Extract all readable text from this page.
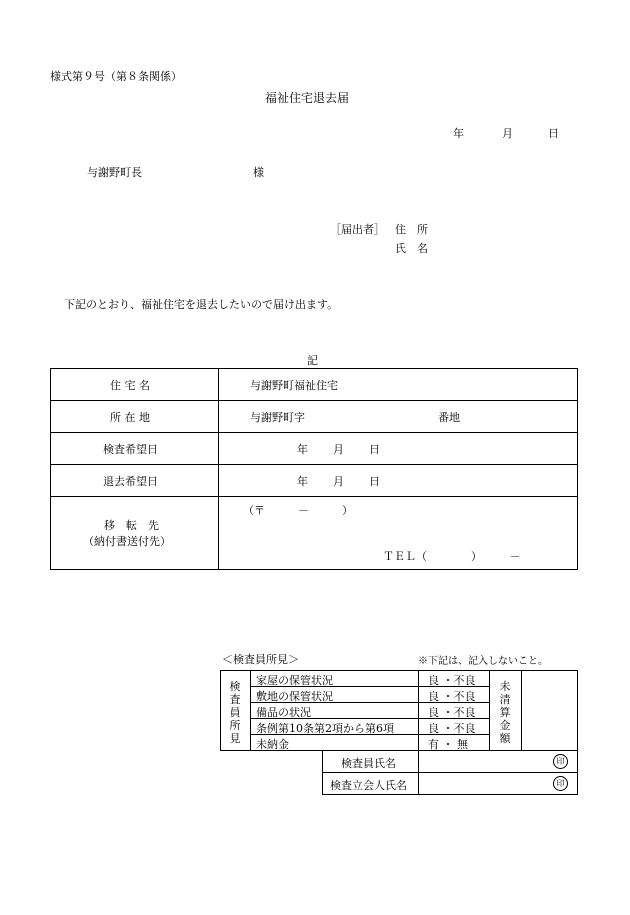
様式第９号（第８条関係）
福祉住宅退去届
年	月	日
与謝野町長	様
［届出者］ 住　所
氏　名
下記のとおり、福祉住宅を退去したいので届け出ます。
記
住 宅 名	与謝野町福祉住宅
所 在 地	与謝野町字	番地
検査希望日	年 月 日
退去希望日	年 月 日
移　転　先
（納付書送付先）
（〒　　　－　　　）
ＴＥＬ（　　　　）　　　－
＜検査員所見＞	※下記は、記入しないこと。
検査員所見
家屋の保管状況	良 ・不良
敷地の保管状況	良 ・不良
備品の状況	良 ・不良
条例第10条第2項から第6項	良 ・不良
未納金	有 ・ 無
未清算金額
検査員氏名	印
検査立会人氏名	印
